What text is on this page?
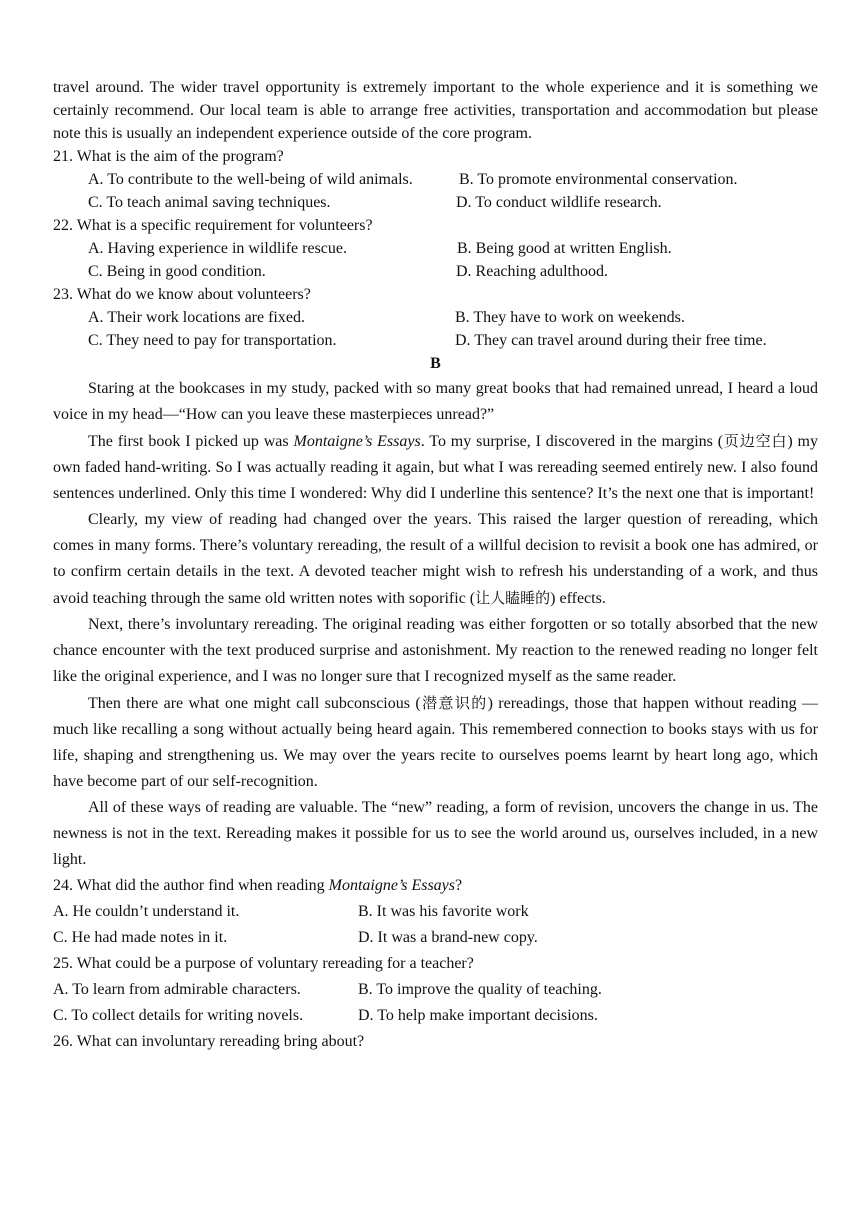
travel around. The wider travel opportunity is extremely important to the whole experience and it is something we certainly recommend. Our local team is able to arrange free activities, transportation and accommodation but please note this is usually an independent experience outside of the core program.

21. What is the aim of the program?

A. To contribute to the well-being of wild animals.	B. To promote environmental conservation.
C. To teach animal saving techniques.	D. To conduct wildlife research.

22. What is a specific requirement for volunteers?

A. Having experience in wildlife rescue.	B. Being good at written English.
C. Being in good condition.	D. Reaching adulthood.

23. What do we know about volunteers?

A. Their work locations are fixed.	B. They have to work on weekends.
C. They need to pay for transportation.	D. They can travel around during their free time.

B

Staring at the bookcases in my study, packed with so many great books that had remained unread, I heard a loud voice in my head—“How can you leave these masterpieces unread?”

The first book I picked up was Montaigne’s Essays. To my surprise, I discovered in the margins (页边空白) my own faded hand-writing. So I was actually reading it again, but what I was rereading seemed entirely new. I also found sentences underlined. Only this time I wondered: Why did I underline this sentence? It’s the next one that is important!

Clearly, my view of reading had changed over the years. This raised the larger question of rereading, which comes in many forms. There’s voluntary rereading, the result of a willful decision to revisit a book one has admired, or to confirm certain details in the text. A devoted teacher might wish to refresh his understanding of a work, and thus avoid teaching through the same old written notes with soporific (让人瞌睡的) effects.

Next, there’s involuntary rereading. The original reading was either forgotten or so totally absorbed that the new chance encounter with the text produced surprise and astonishment. My reaction to the renewed reading no longer felt like the original experience, and I was no longer sure that I recognized myself as the same reader.

Then there are what one might call subconscious (潜意识的) rereadings, those that happen without reading —much like recalling a song without actually being heard again. This remembered connection to books stays with us for life, shaping and strengthening us. We may over the years recite to ourselves poems learnt by heart long ago, which have become part of our self-recognition.

All of these ways of reading are valuable. The “new” reading, a form of revision, uncovers the change in us. The newness is not in the text. Rereading makes it possible for us to see the world around us, ourselves included, in a new light.

24. What did the author find when reading Montaigne’s Essays?

A. He couldn’t understand it.	B. It was his favorite work
C. He had made notes in it.	D. It was a brand-new copy.

25. What could be a purpose of voluntary rereading for a teacher?

A. To learn from admirable characters.	B. To improve the quality of teaching.
C. To collect details for writing novels.	D. To help make important decisions.

26. What can involuntary rereading bring about?
